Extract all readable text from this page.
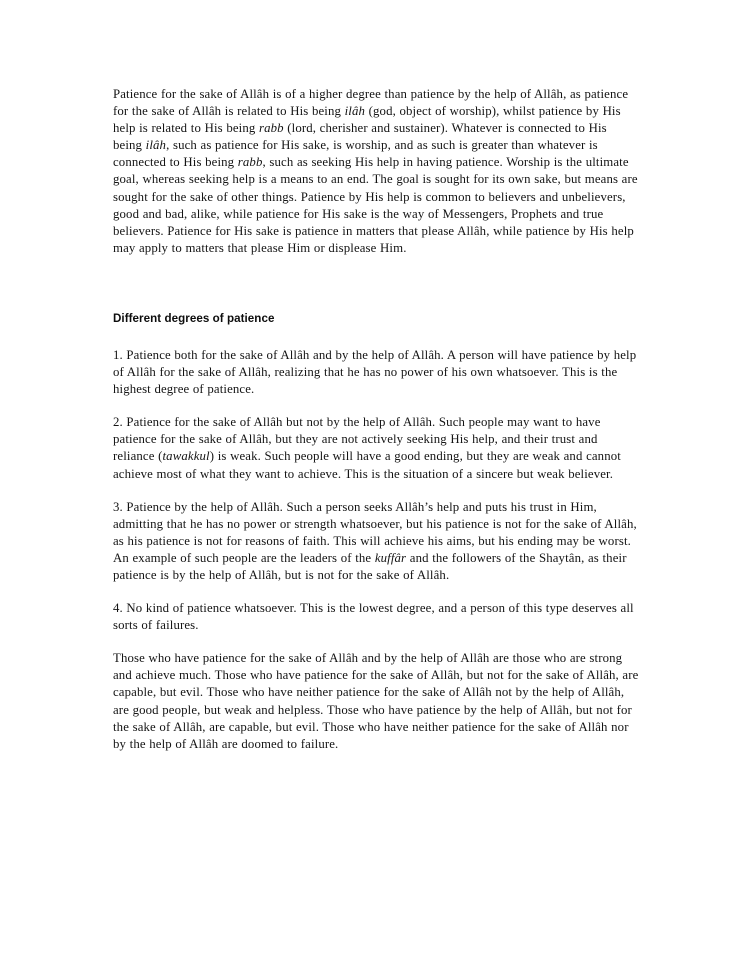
Patience for the sake of Allâh is of a higher degree than patience by the help of Allâh, as patience for the sake of Allâh is related to His being ilâh (god, object of worship), whilst patience by His help is related to His being rabb (lord, cherisher and sustainer). Whatever is connected to His being ilâh, such as patience for His sake, is worship, and as such is greater than whatever is connected to His being rabb, such as seeking His help in having patience. Worship is the ultimate goal, whereas seeking help is a means to an end. The goal is sought for its own sake, but means are sought for the sake of other things. Patience by His help is common to believers and unbelievers, good and bad, alike, while patience for His sake is the way of Messengers, Prophets and true believers. Patience for His sake is patience in matters that please Allâh, while patience by His help may apply to matters that please Him or displease Him.

Different degrees of patience

1. Patience both for the sake of Allâh and by the help of Allâh. A person will have patience by help of Allâh for the sake of Allâh, realizing that he has no power of his own whatsoever. This is the highest degree of patience.

2. Patience for the sake of Allâh but not by the help of Allâh. Such people may want to have patience for the sake of Allâh, but they are not actively seeking His help, and their trust and reliance (tawakkul) is weak. Such people will have a good ending, but they are weak and cannot achieve most of what they want to achieve. This is the situation of a sincere but weak believer.

3. Patience by the help of Allâh. Such a person seeks Allâh’s help and puts his trust in Him, admitting that he has no power or strength whatsoever, but his patience is not for the sake of Allâh, as his patience is not for reasons of faith. This will achieve his aims, but his ending may be worst. An example of such people are the leaders of the kuffâr and the followers of the Shaytân, as their patience is by the help of Allâh, but is not for the sake of Allâh.

4. No kind of patience whatsoever. This is the lowest degree, and a person of this type deserves all sorts of failures.

Those who have patience for the sake of Allâh and by the help of Allâh are those who are strong and achieve much. Those who have patience for the sake of Allâh, but not for the sake of Allâh, are capable, but evil. Those who have neither patience for the sake of Allâh not by the help of Allâh, are good people, but weak and helpless. Those who have patience by the help of Allâh, but not for the sake of Allâh, are capable, but evil. Those who have neither patience for the sake of Allâh nor by the help of Allâh are doomed to failure.
